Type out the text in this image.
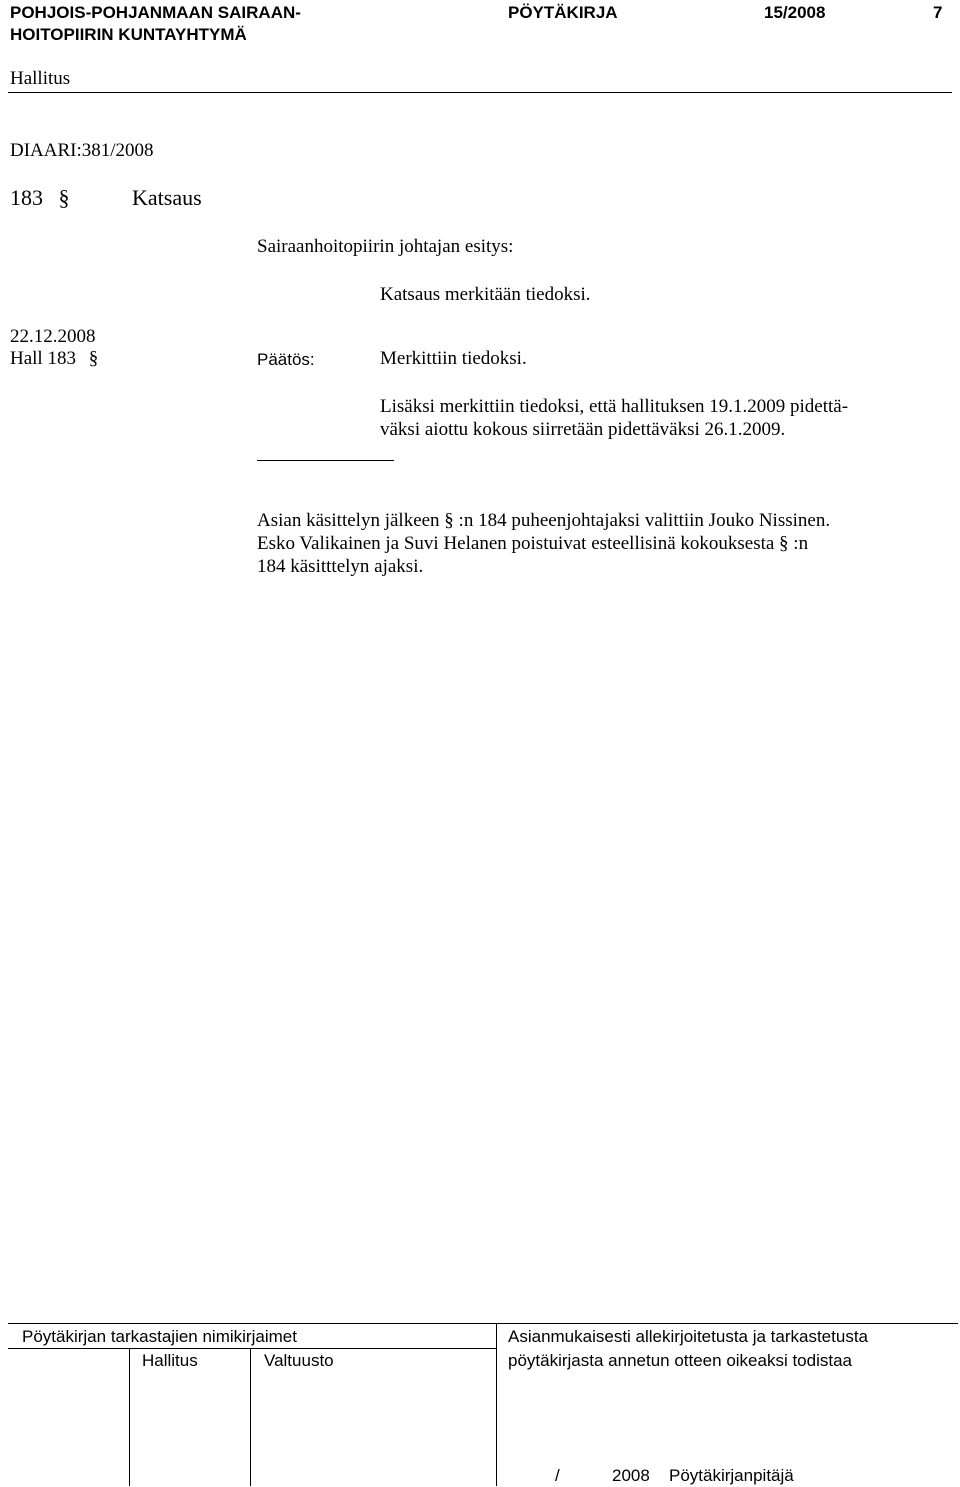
POHJOIS-POHJANMAAN SAIRAAN-
HOITOPIIRIN KUNTAYHTYMÄ
PÖYTÄKIRJA	15/2008	7
Hallitus
DIAARI:381/2008
183 §	Katsaus
Sairaanhoitopiirin johtajan esitys:
Katsaus merkitään tiedoksi.
22.12.2008
Hall 183 §	Päätös:	Merkittiin tiedoksi.
Lisäksi merkittiin tiedoksi, että hallituksen 19.1.2009 pidettä-
väksi aiottu kokous siirretään pidettäväksi 26.1.2009.
Asian käsittelyn jälkeen § :n 184 puheenjohtajaksi valittiin Jouko Nissinen.
Esko Valikainen ja Suvi Helanen poistuivat esteellisinä kokouksesta § :n
184 käsitttelyn ajaksi.
Pöytäkirjan tarkastajien nimikirjaimet
Hallitus	Valtuusto
Asianmukaisesti allekirjoitetusta ja tarkastetusta
pöytäkirjasta annetun otteen oikeaksi todistaa
/	2008 Pöytäkirjanpitäjä
